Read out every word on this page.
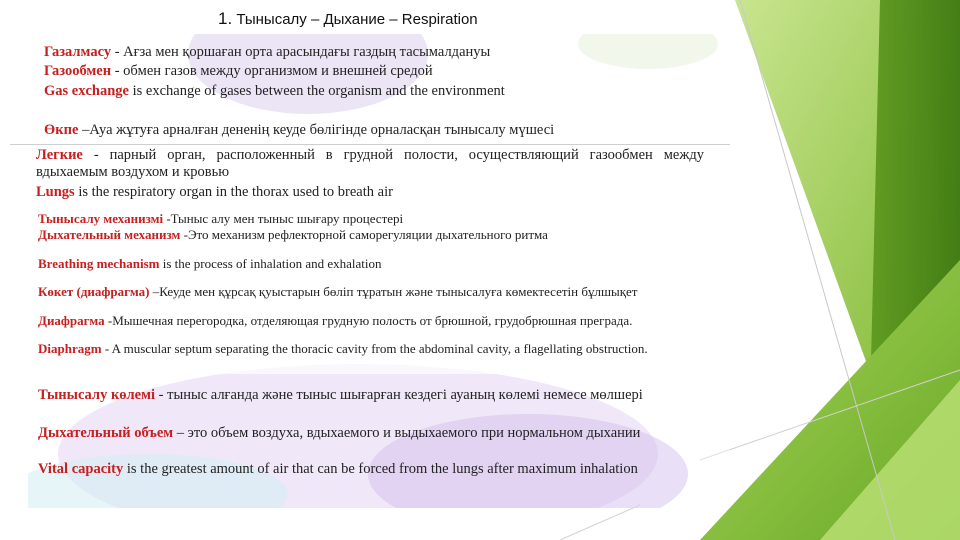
1. Тынысалу – Дыхание – Respiration
Газалмасу - Ағза мен қоршаған орта арасындағы газдың тасымалдануы
Газообмен - обмен газов между организмом и внешней средой
Gas exchange is exchange of gases between the organism and the environment
Өкпе –Ауа жұтуға арналған дененің кеуде бөлігінде орналасқан тынысалу мүшесі
Легкие - парный орган, расположенный в грудной полости, осуществляющий газообмен между вдыхаемым воздухом и кровью
Lungs is the respiratory organ in the thorax used to breath air
Тынысалу механизмі -Тыныс алу мен тыныс шығару процестері
Дыхательный механизм -Это механизм рефлекторной саморегуляции дыхательного ритма
Breathing mechanism is the process of inhalation and exhalation
Көкет (диафрагма) –Кеуде мен құрсақ қуыстарын бөліп тұратын және тынысалуға көмектесетін бұлшықет
Диафрагма -Мышечная перегородка, отделяющая грудную полость от брюшной, грудобрюшная преграда.
Diaphragm - A muscular septum separating the thoracic cavity from the abdominal cavity, a flagellating obstruction.
Тынысалу көлемі - тыныс алғанда және тыныс шығарған кездегі ауаның көлемі немесе мөлшері
Дыхательный объем – это объем воздуха, вдыхаемого и выдыхаемого при нормальном дыхании
Vital capacity is the greatest amount of air that can be forced from the lungs after maximum inhalation
